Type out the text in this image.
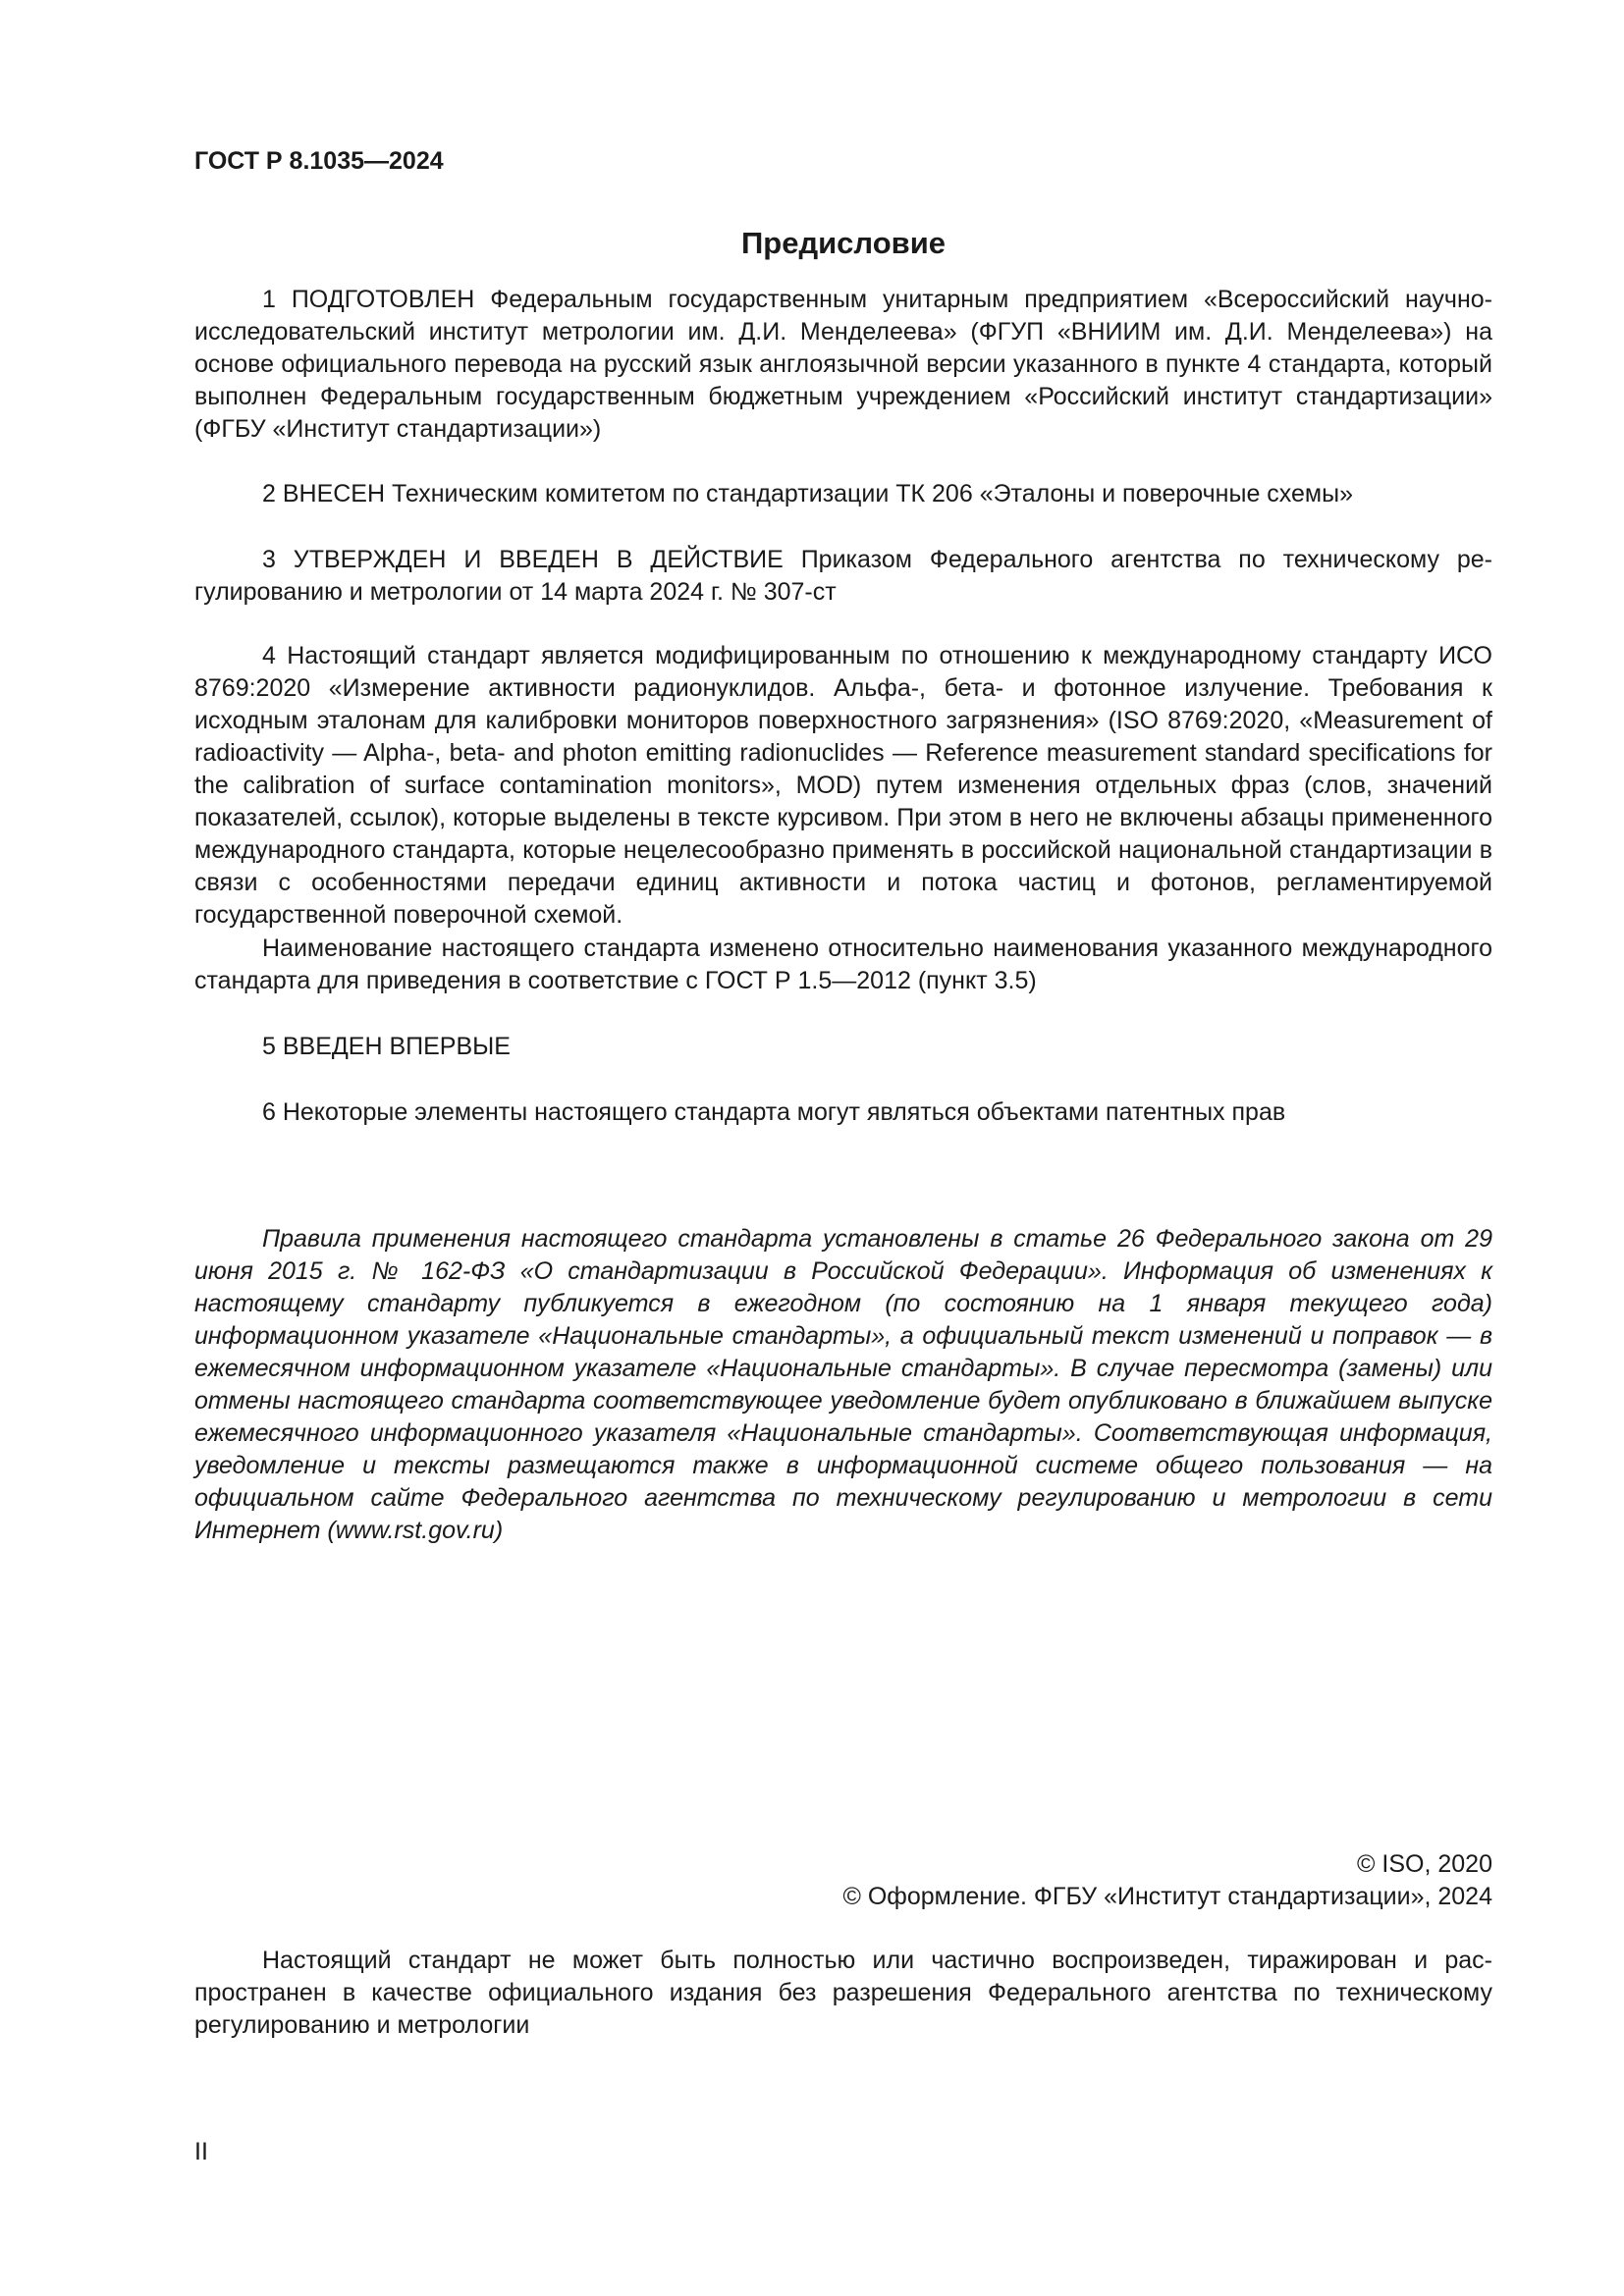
ГОСТ Р 8.1035—2024

Предисловие

1 ПОДГОТОВЛЕН Федеральным государственным унитарным предприятием «Всероссийский научно-исследовательский институт метрологии им. Д.И. Менделеева» (ФГУП «ВНИИМ им. Д.И. Менделеева») на основе официального перевода на русский язык англоязычной версии указанного в пункте 4 стандарта, который выполнен Федеральным государственным бюджетным учреждением «Российский институт стандартизации» (ФГБУ «Институт стандартизации»)

2 ВНЕСЕН Техническим комитетом по стандартизации ТК 206 «Эталоны и поверочные схемы»

3 УТВЕРЖДЕН И ВВЕДЕН В ДЕЙСТВИЕ Приказом Федерального агентства по техническому регулированию и метрологии от 14 марта 2024 г. № 307-ст

4 Настоящий стандарт является модифицированным по отношению к международному стандарту ИСО 8769:2020 «Измерение активности радионуклидов. Альфа-, бета- и фотонное излучение. Требования к исходным эталонам для калибровки мониторов поверхностного загрязнения» (ISO 8769:2020, «Measurement of radioactivity — Alpha-, beta- and photon emitting radionuclides — Reference measurement standard specifications for the calibration of surface contamination monitors», MOD) путем изменения отдельных фраз (слов, значений показателей, ссылок), которые выделены в тексте курсивом. При этом в него не включены абзацы примененного международного стандарта, которые нецелесообразно применять в российской национальной стандартизации в связи с особенностями передачи единиц активности и потока частиц и фотонов, регламентируемой государственной поверочной схемой.

Наименование настоящего стандарта изменено относительно наименования указанного международного стандарта для приведения в соответствие с ГОСТ Р 1.5—2012 (пункт 3.5)

5 ВВЕДЕН ВПЕРВЫЕ

6 Некоторые элементы настоящего стандарта могут являться объектами патентных прав

Правила применения настоящего стандарта установлены в статье 26 Федерального закона от 29 июня 2015 г. № 162-ФЗ «О стандартизации в Российской Федерации». Информация об изменениях к настоящему стандарту публикуется в ежегодном (по состоянию на 1 января текущего года) информационном указателе «Национальные стандарты», а официальный текст изменений и поправок — в ежемесячном информационном указателе «Национальные стандарты». В случае пересмотра (замены) или отмены настоящего стандарта соответствующее уведомление будет опубликовано в ближайшем выпуске ежемесячного информационного указателя «Национальные стандарты». Соответствующая информация, уведомление и тексты размещаются также в информационной системе общего пользования — на официальном сайте Федерального агентства по техническому регулированию и метрологии в сети Интернет (www.rst.gov.ru)

© ISO, 2020

© Оформление. ФГБУ «Институт стандартизации», 2024

Настоящий стандарт не может быть полностью или частично воспроизведен, тиражирован и распространен в качестве официального издания без разрешения Федерального агентства по техническому регулированию и метрологии

II
